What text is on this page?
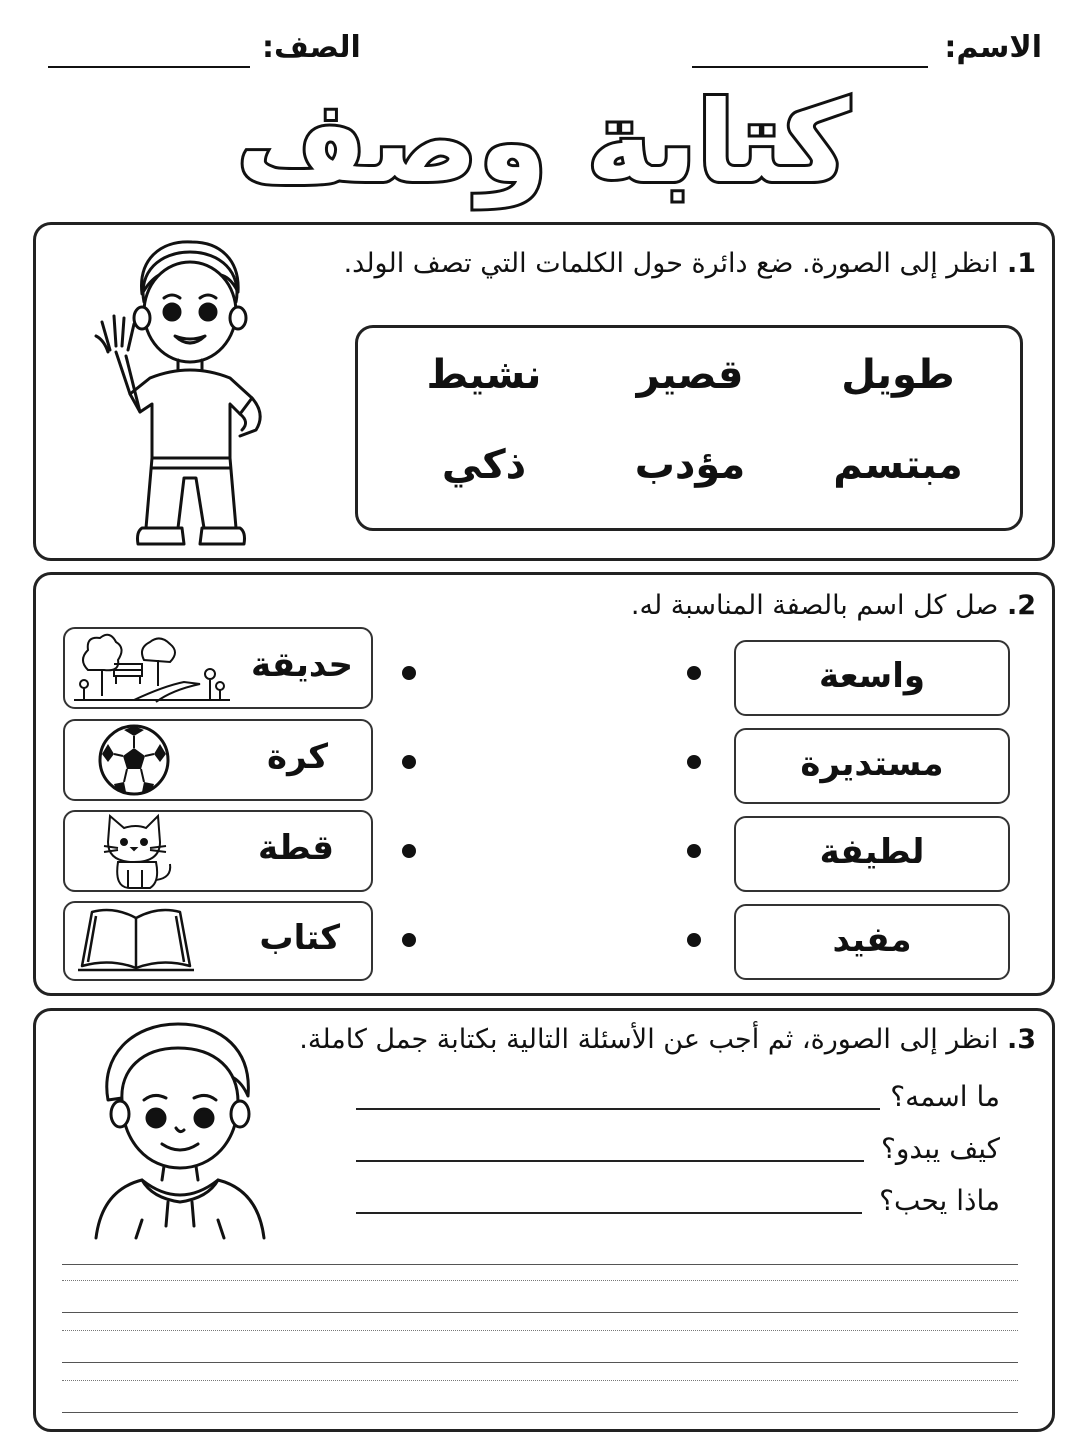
الاسم:
الصف:
كتابة وصف
1. انظر إلى الصورة. ضع دائرة حول الكلمات التي تصف الولد.
طويل
قصير
نشيط
مبتسم
مؤدب
ذكي
2. صل كل اسم بالصفة المناسبة له.
حديقة
كرة
قطة
كتاب
واسعة
مستديرة
لطيفة
مفيد
3. انظر إلى الصورة، ثم أجب عن الأسئلة التالية بكتابة جمل كاملة.
ما اسمه؟
كيف يبدو؟
ماذا يحب؟
